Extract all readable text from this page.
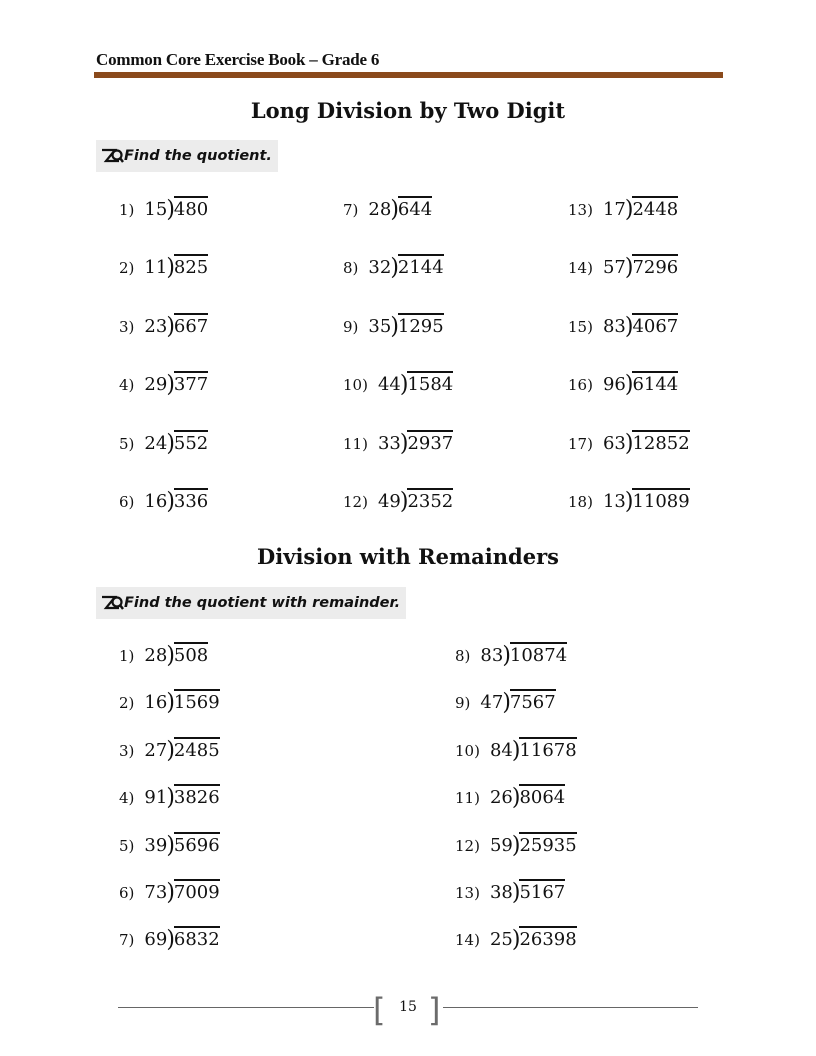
Common Core Exercise Book – Grade 6
Long Division by Two Digit
Find the quotient.
1) 15 ) 480
2) 11 ) 825
3) 23 ) 667
4) 29 ) 377
5) 24 ) 552
6) 16 ) 336
7) 28 ) 644
8) 32 ) 2144
9) 35 ) 1295
10) 44 ) 1584
11) 33 ) 2937
12) 49 ) 2352
13) 17 ) 2448
14) 57 ) 7296
15) 83 ) 4067
16) 96 ) 6144
17) 63 ) 12852
18) 13 ) 11089
Division with Remainders
Find the quotient with remainder.
1) 28 ) 508
2) 16 ) 1569
3) 27 ) 2485
4) 91 ) 3826
5) 39 ) 5696
6) 73 ) 7009
7) 69 ) 6832
8) 83 ) 10874
9) 47 ) 7567
10) 84 ) 11678
11) 26 ) 8064
12) 59 ) 25935
13) 38 ) 5167
14) 25 ) 26398
[ 15 ]
